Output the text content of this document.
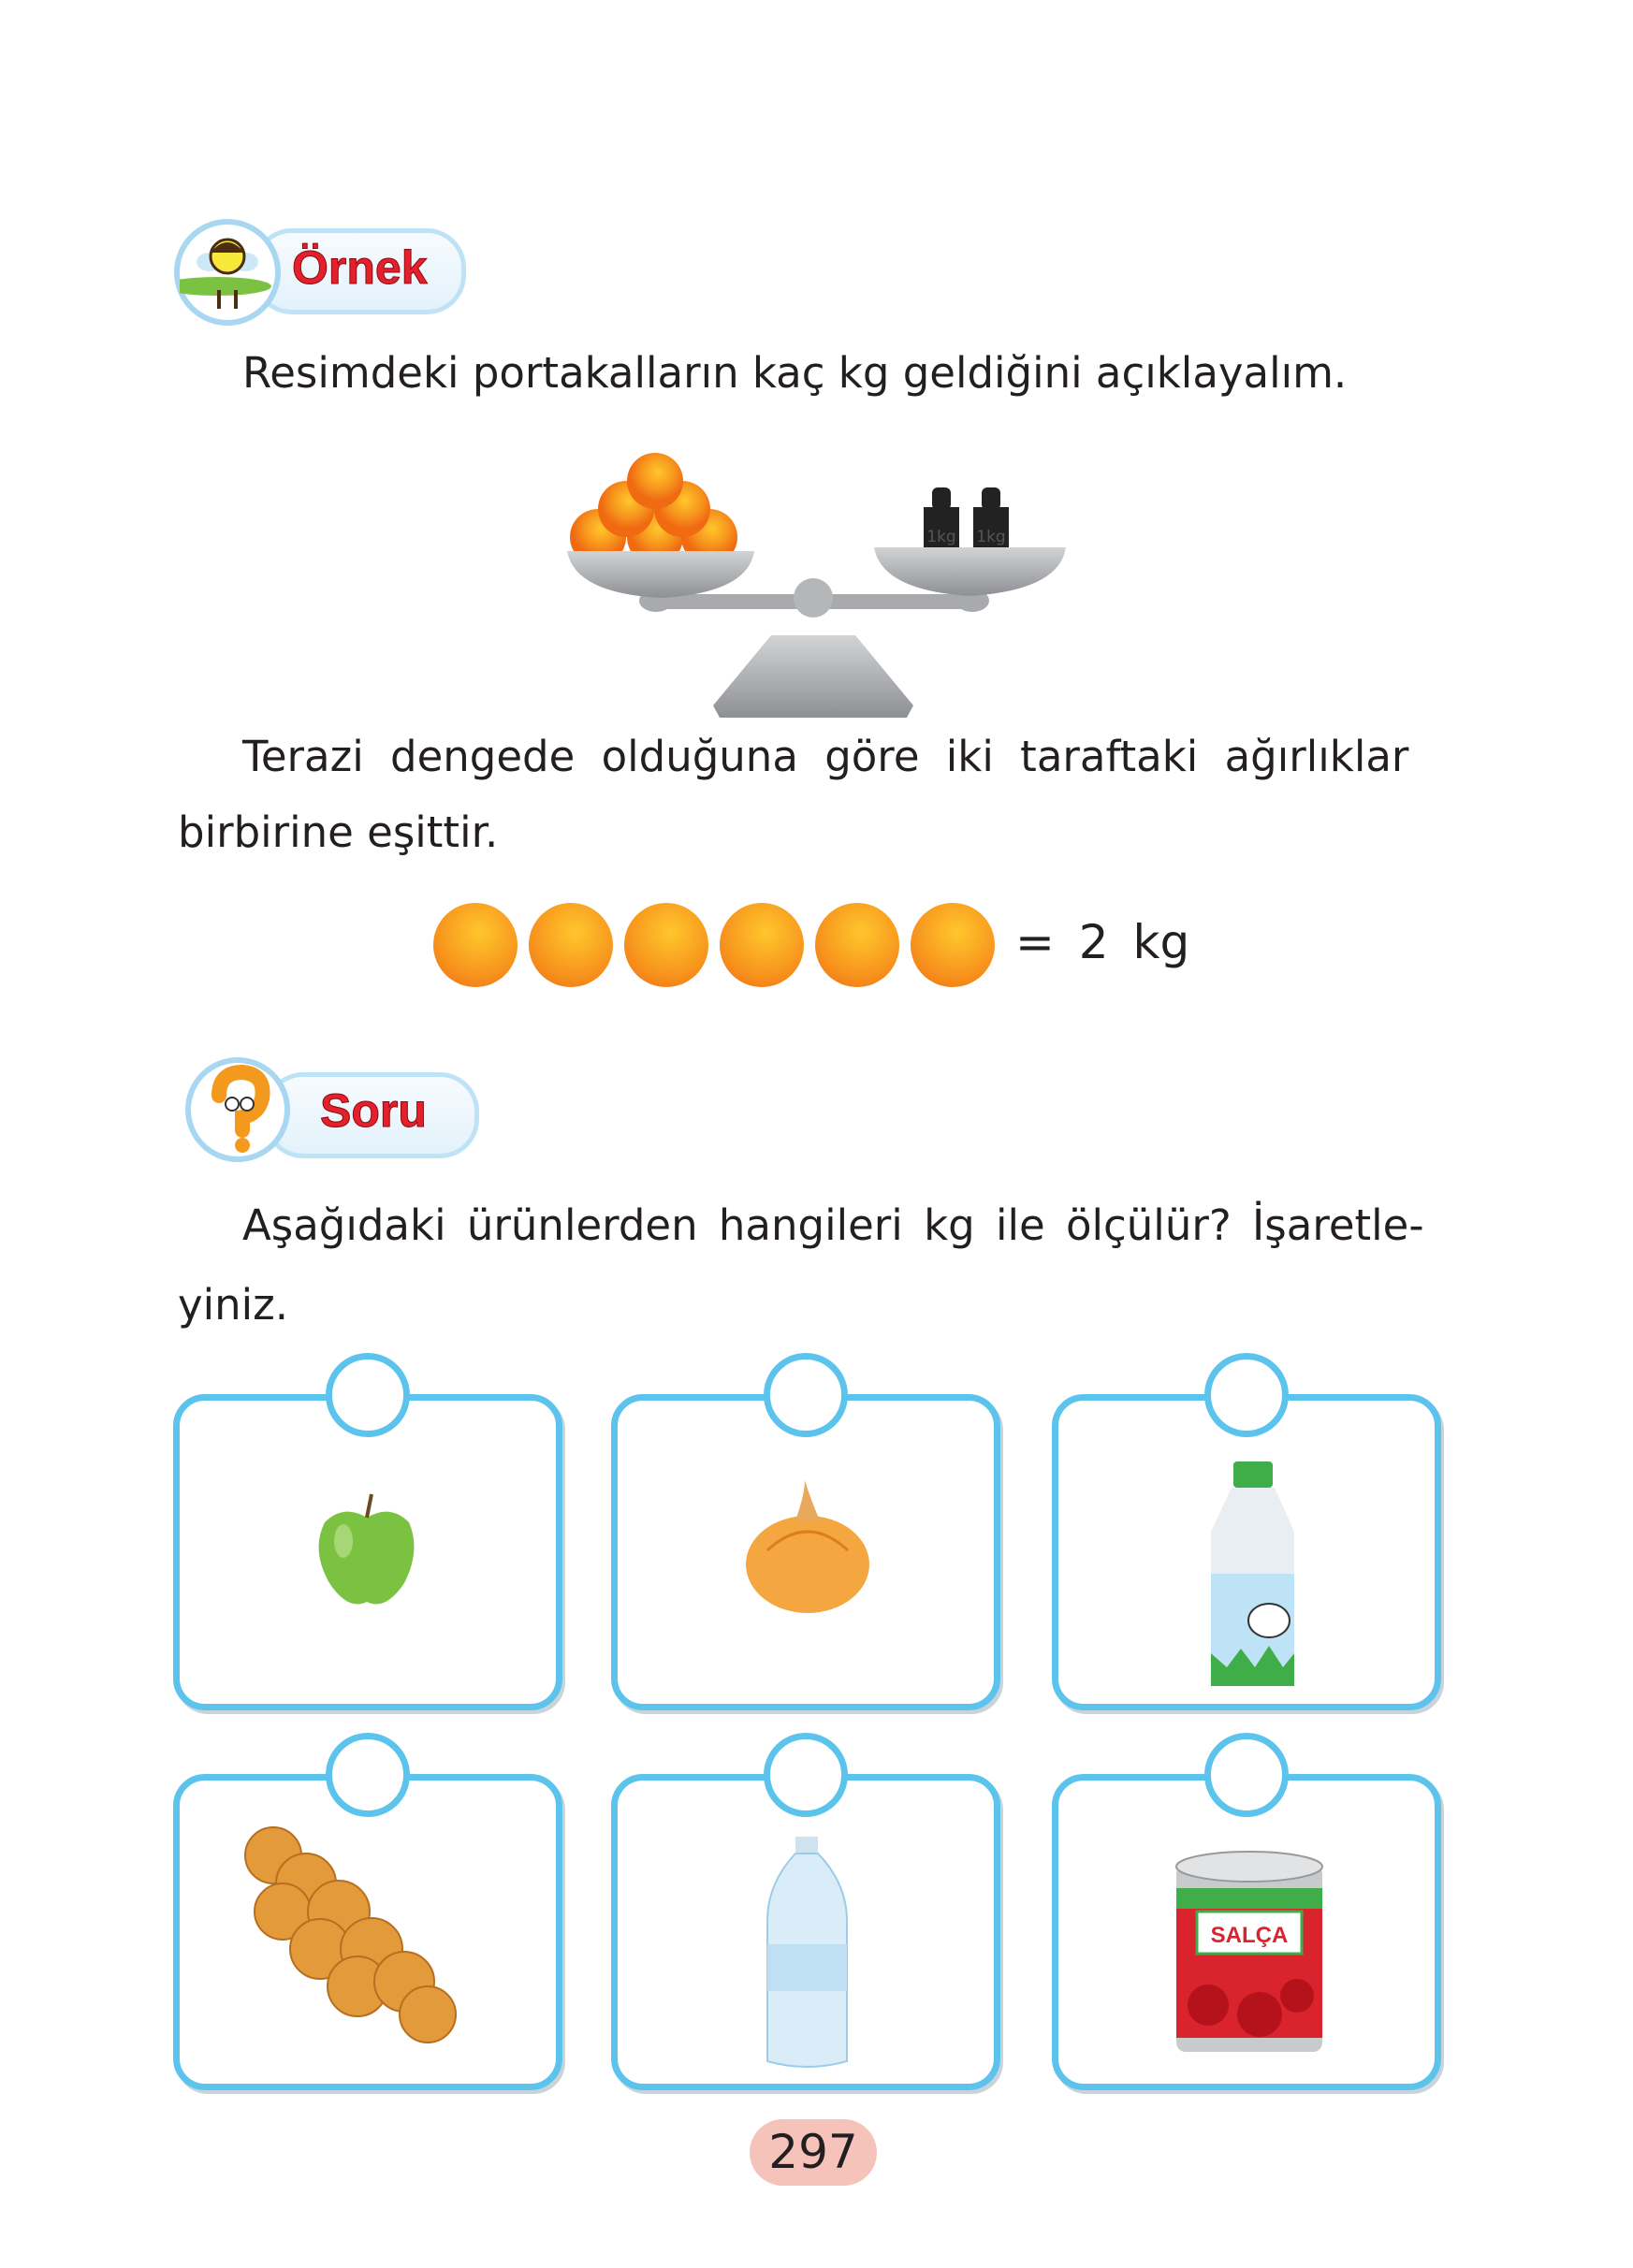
Örnek
Resimdeki portakalların kaç kg geldiğini açıklayalım.
1kg 1kg
Terazi dengede olduğuna göre iki taraftaki ağırlıklar
birbirine eşittir.
= 2 kg
Soru
Aşağıdaki ürünlerden hangileri kg ile ölçülür? İşaretle-
yiniz.
SALÇA
297
